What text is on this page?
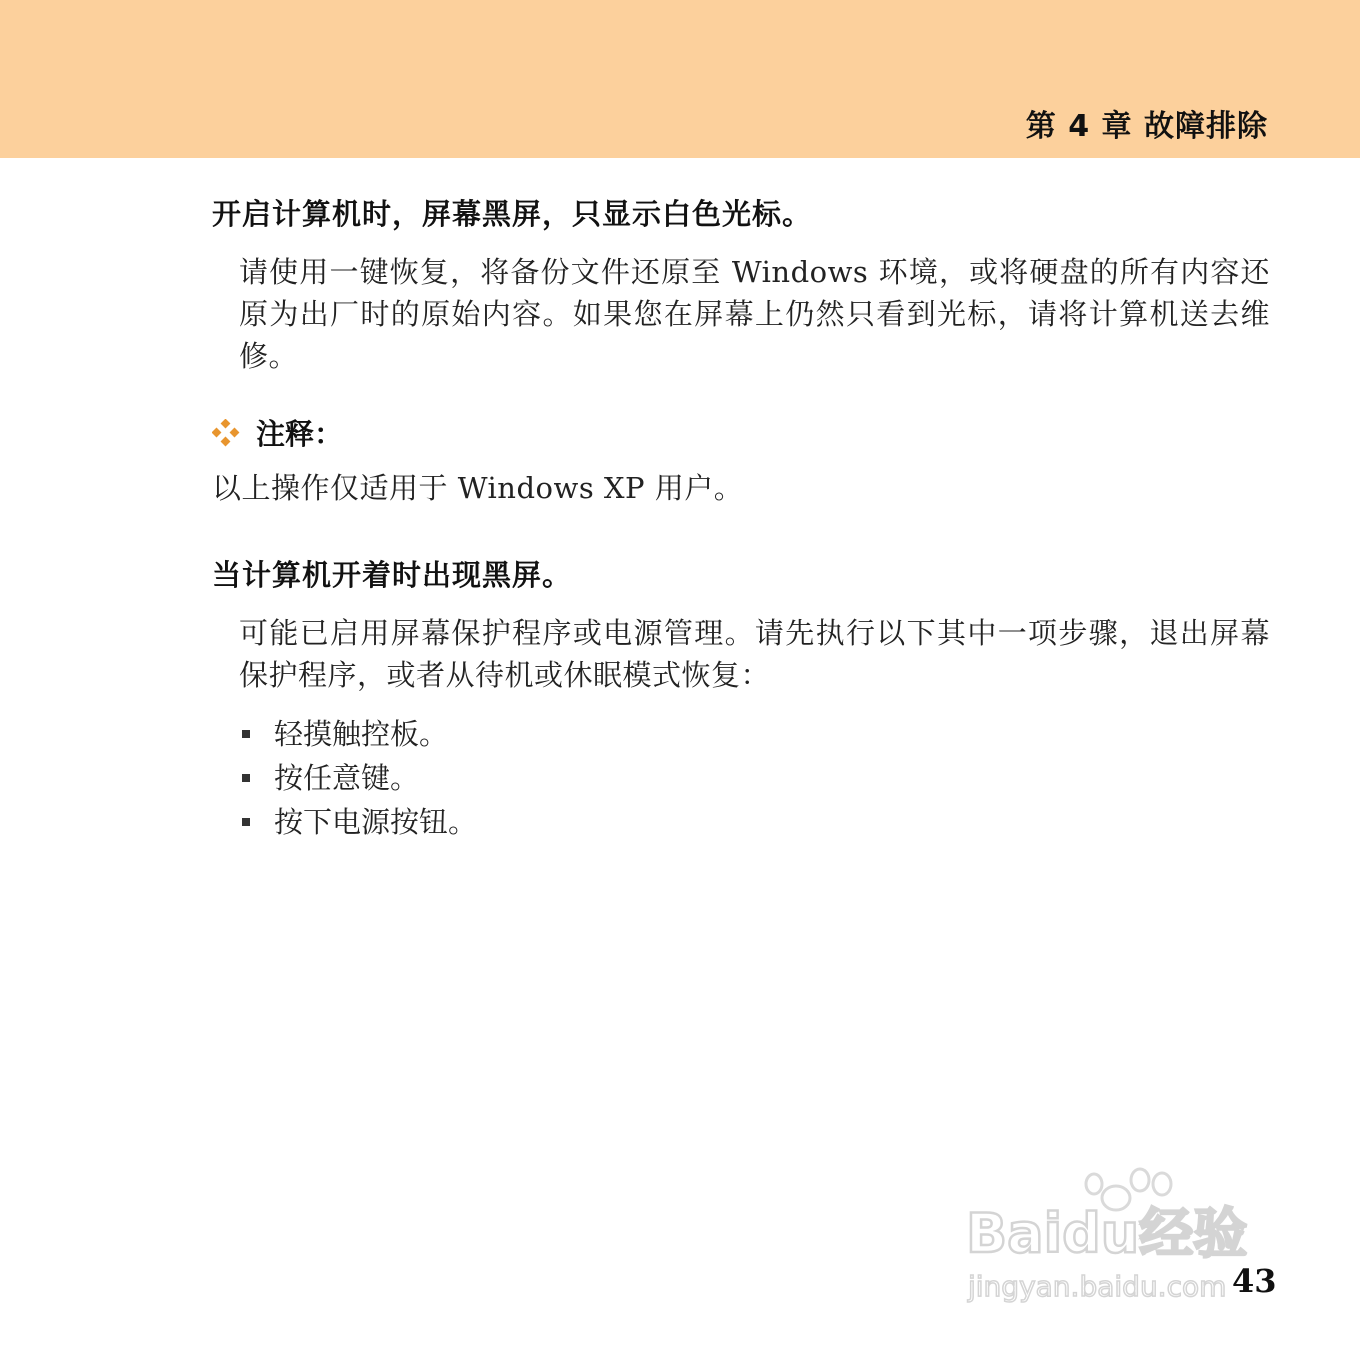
第 4 章 故障排除
开启计算机时，屏幕黑屏，只显示白色光标。

请使用一键恢复，将备份文件还原至 Windows 环境，或将硬盘的所有内容还原为出厂时的原始内容。如果您在屏幕上仍然只看到光标，请将计算机送去维修。

注释：

以上操作仅适用于 Windows XP 用户。

当计算机开着时出现黑屏。

可能已启用屏幕保护程序或电源管理。请先执行以下其中一项步骤，退出屏幕保护程序，或者从待机或休眠模式恢复：

轻摸触控板。
按任意键。
按下电源按钮。
Baidu经验
jingyan.baidu.com 43
